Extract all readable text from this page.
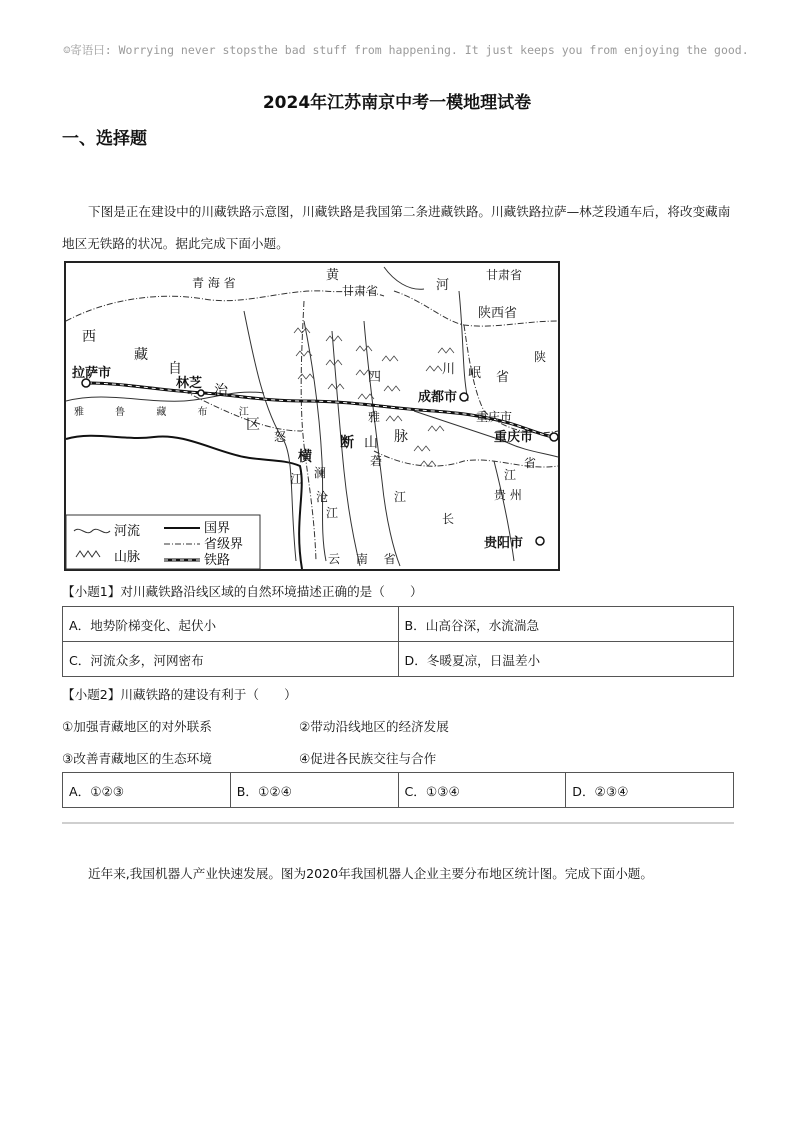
☺寄语曰: Worrying never stopsthe bad stuff from happening. It just keeps you from enjoying the good.
2024年江苏南京中考一模地理试卷
一、选择题
下图是正在建设中的川藏铁路示意图，川藏铁路是我国第二条进藏铁路。川藏铁路拉萨—林芝段通车后，将改变藏南地区无铁路的状况。据此完成下面小题。
青 海 省
甘肃省
甘肃省
黄
河
陕西省
西
藏
自
治
区
拉萨市
林芝
雅 鲁 藏 布 江
四
川 岷 省
成都市
重庆市
重庆市
雅
山 脉
横
断
怒
澜
沧
砻
江
江
江
江
长
陕
贵 州
省
贵阳市
云 南 省
河流
山脉
国界
省级界
铁路
【小题1】对川藏铁路沿线区域的自然环境描述正确的是（　　）
A．地势阶梯变化、起伏小	B．山高谷深，水流湍急
C．河流众多，河网密布	D．冬暖夏凉，日温差小
【小题2】川藏铁路的建设有利于（　　）
①加强青藏地区的对外联系	②带动沿线地区的经济发展
③改善青藏地区的生态环境	④促进各民族交往与合作
A．①②③	B．①②④	C．①③④	D．②③④
近年来,我国机器人产业快速发展。图为2020年我国机器人企业主要分布地区统计图。完成下面小题。
